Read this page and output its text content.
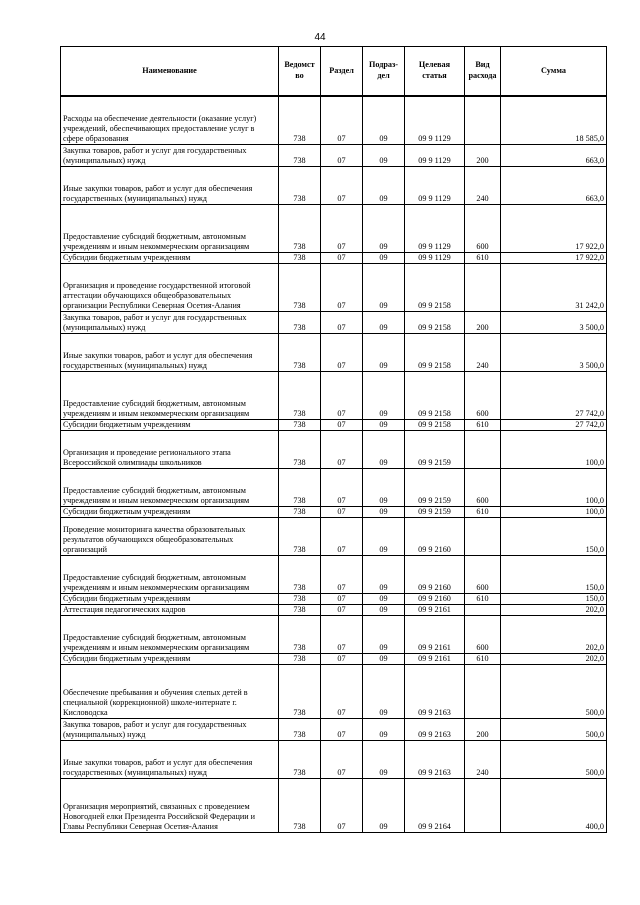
44
Наименование	Ведомст во	Раздел	Подраз- дел	Целевая статья	Вид расхода	Сумма
Расходы на обеспечение деятельности (оказание услуг) учреждений, обеспечивающих предоставление услуг в сфере образования	738	07	09	09 9 1129		18 585,0
Закупка товаров, работ и услуг для государственных (муниципальных) нужд	738	07	09	09 9 1129	200	663,0
Иные закупки товаров, работ и услуг для обеспечения государственных (муниципальных) нужд	738	07	09	09 9 1129	240	663,0
Предоставление субсидий бюджетным, автономным учреждениям и иным некоммерческим организациям	738	07	09	09 9 1129	600	17 922,0
Субсидии бюджетным учреждениям	738	07	09	09 9 1129	610	17 922,0
Организация и проведение государственной итоговой аттестации обучающихся общеобразовательных организации Республики Северная Осетия-Алания	738	07	09	09 9 2158		31 242,0
Закупка товаров, работ и услуг для государственных (муниципальных) нужд	738	07	09	09 9 2158	200	3 500,0
Иные закупки товаров, работ и услуг для обеспечения государственных (муниципальных) нужд	738	07	09	09 9 2158	240	3 500,0
Предоставление субсидий бюджетным, автономным учреждениям и иным некоммерческим организациям	738	07	09	09 9 2158	600	27 742,0
Субсидии бюджетным учреждениям	738	07	09	09 9 2158	610	27 742,0
Организация и проведение регионального этапа Всероссийской олимпиады школьников	738	07	09	09 9 2159		100,0
Предоставление субсидий бюджетным, автономным учреждениям и иным некоммерческим организациям	738	07	09	09 9 2159	600	100,0
Субсидии бюджетным учреждениям	738	07	09	09 9 2159	610	100,0
Проведение мониторинга качества образовательных результатов обучающихся общеобразовательных организаций	738	07	09	09 9 2160		150,0
Предоставление субсидий бюджетным, автономным учреждениям и иным некоммерческим организациям	738	07	09	09 9 2160	600	150,0
Субсидии бюджетным учреждениям	738	07	09	09 9 2160	610	150,0
Аттестация педагогических кадров	738	07	09	09 9 2161		202,0
Предоставление субсидий бюджетным, автономным учреждениям и иным некоммерческим организациям	738	07	09	09 9 2161	600	202,0
Субсидии бюджетным учреждениям	738	07	09	09 9 2161	610	202,0
Обеспечение пребывания и обучения слепых детей в специальной (коррекционной) школе-интернате г. Кисловодска	738	07	09	09 9 2163		500,0
Закупка товаров, работ и услуг для государственных (муниципальных) нужд	738	07	09	09 9 2163	200	500,0
Иные закупки товаров, работ и услуг для обеспечения государственных (муниципальных) нужд	738	07	09	09 9 2163	240	500,0
Организация мероприятий, связанных с проведением Новогодней елки Президента Российской Федерации и Главы Республики Северная Осетия-Алания	738	07	09	09 9 2164		400,0
